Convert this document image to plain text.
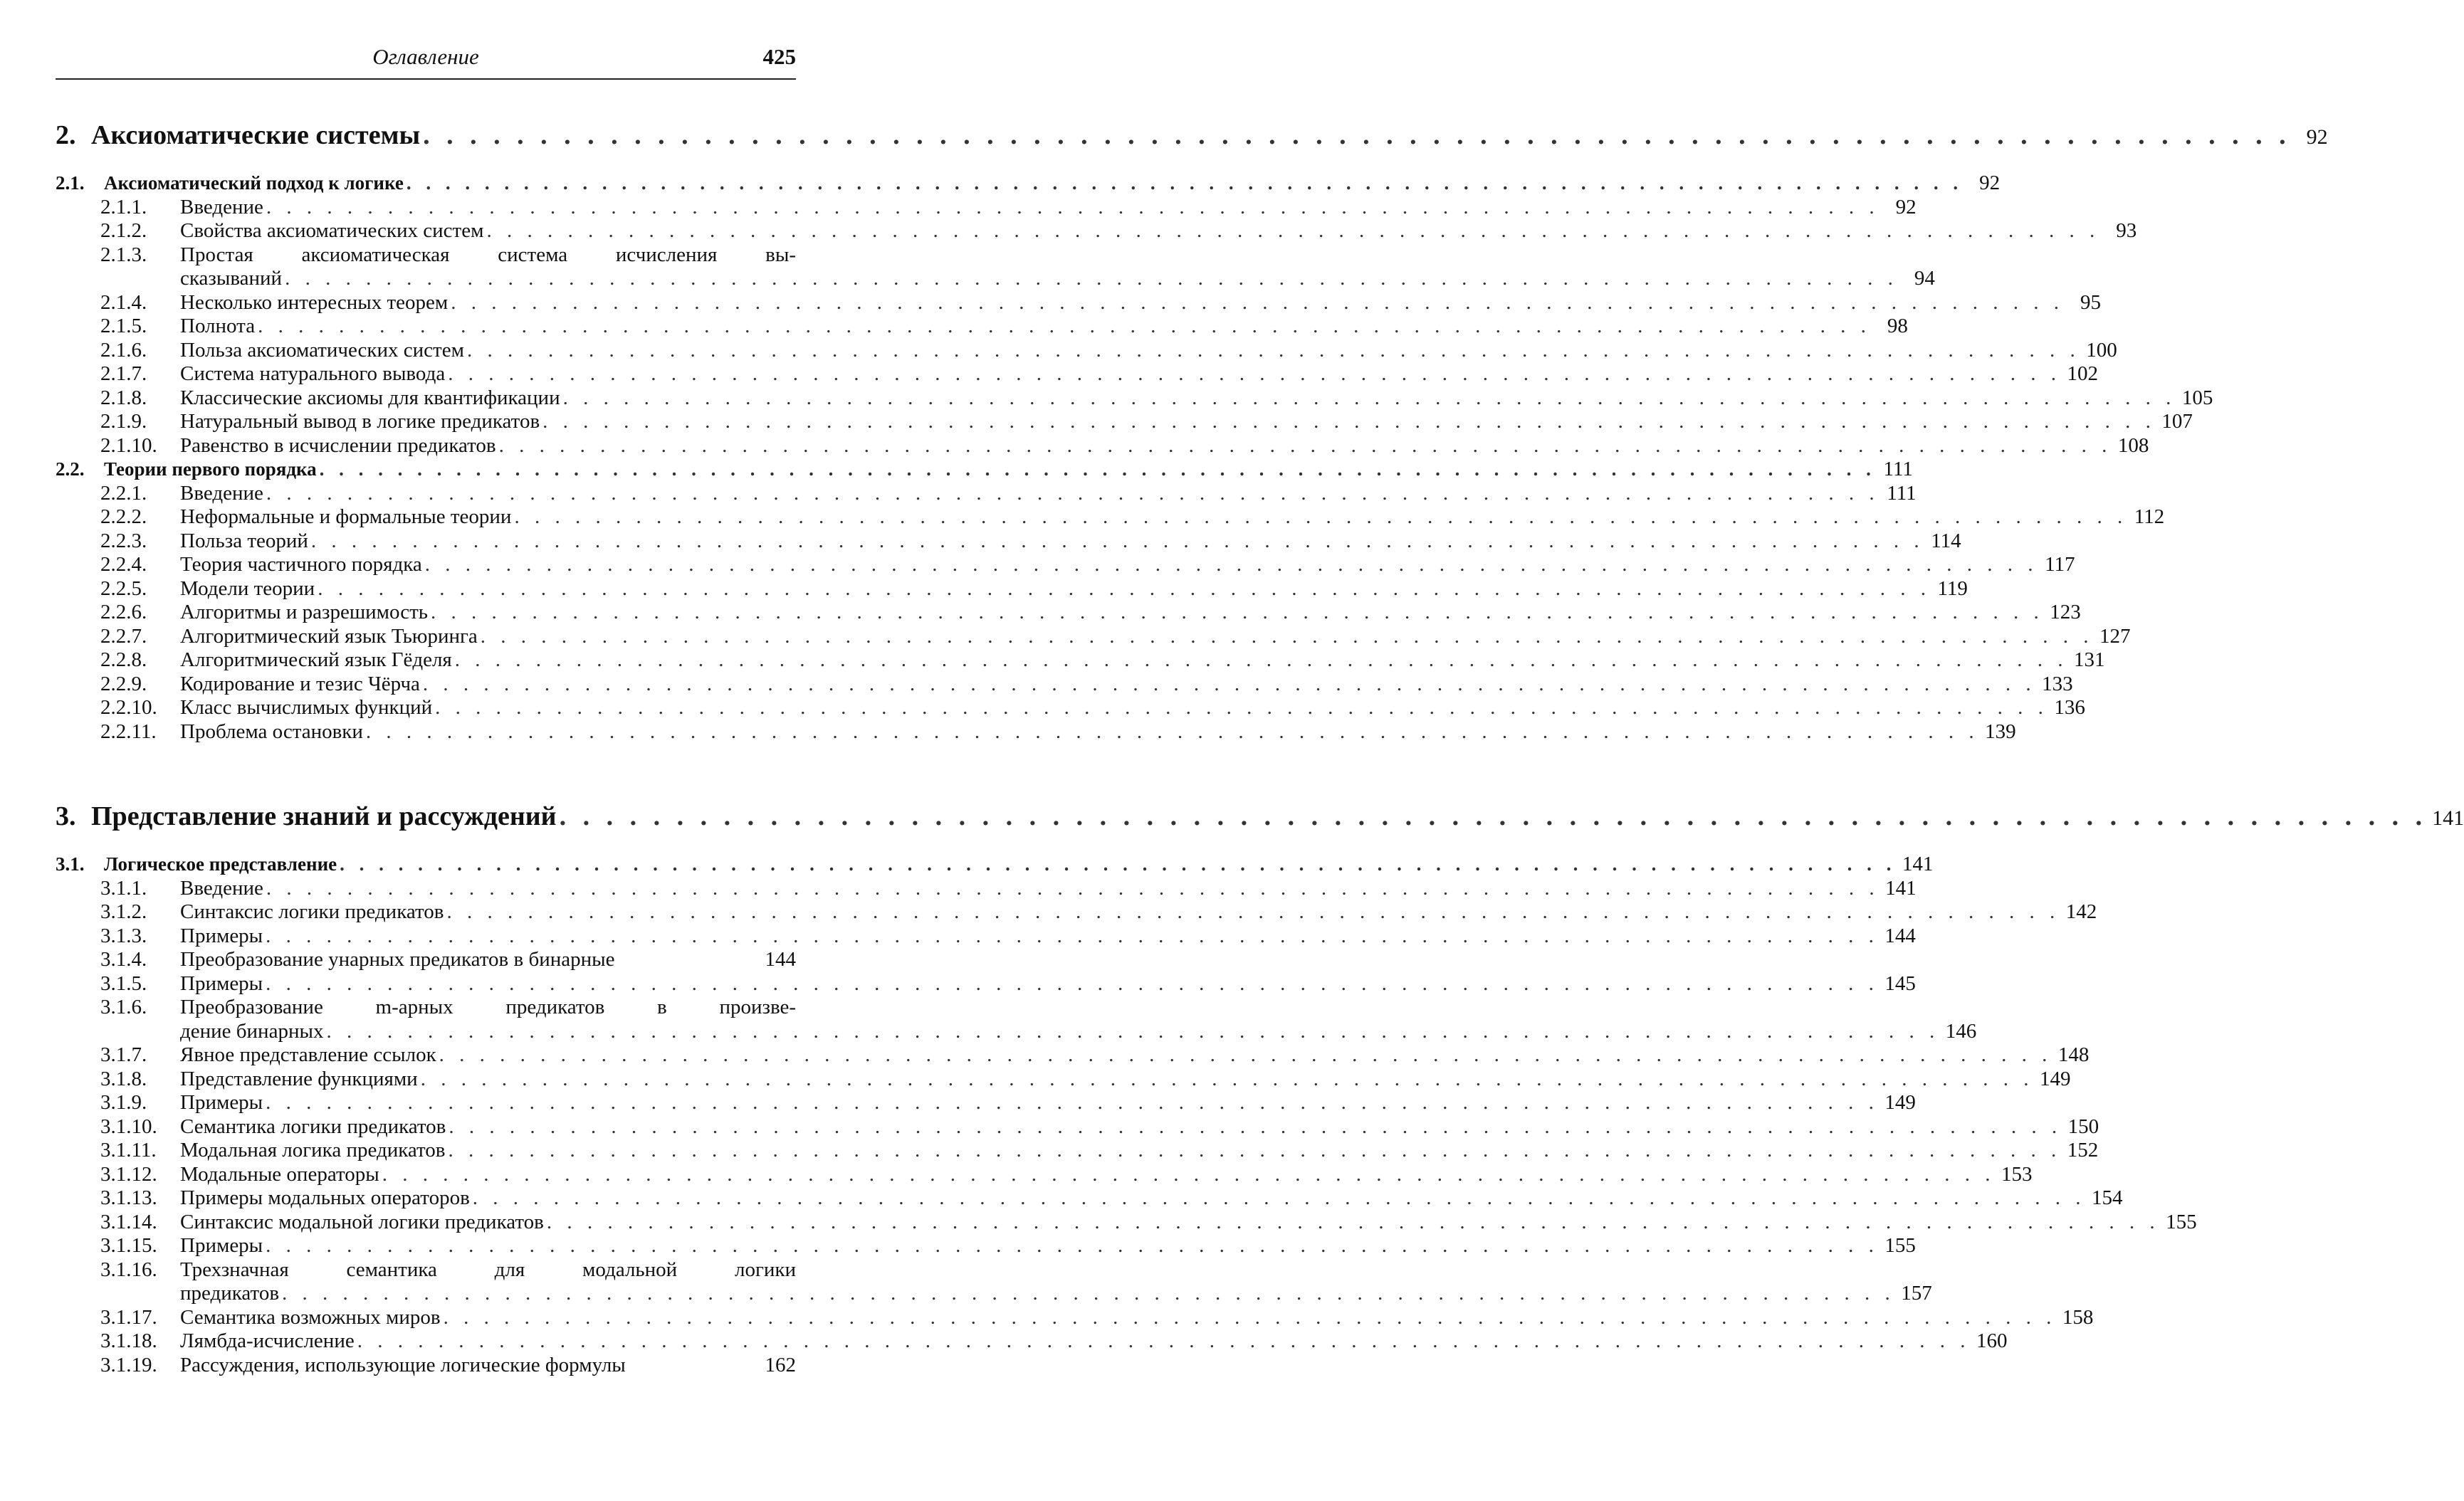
Оглавление	425
2. Аксиоматические системы . . . . . . . . . . . . . . . . . . . . . . . . . . . . . . . . . . . . . . . . . . . . . . . . . . . . . . . . . . . . . . . . . . . . . . . . . . . . . . . . 92
2.1.	Аксиоматический подход к логике . . . . . . . . . . . . . . . . . . . . . . . . . . . . . . . . . . . . . . . . . . . . . . . . . . . . . . . . . . . . . . . . . . . . . . . . . . . . . . . . 92
2.1.1.	Введение . . . . . . . . . . . . . . . . . . . . . . . . . . . . . . . . . . . . . . . . . . . . . . . . . . . . . . . . . . . . . . . . . . . . . . . . . . . . . . . . 92
2.1.2.	Свойства аксиоматических систем . . . . . . . . . . . . . . . . . . . . . . . . . . . . . . . . . . . . . . . . . . . . . . . . . . . . . . . . . . . . . . . . . . . . . . . . . . . . . . . . 93
2.1.3.	Простая аксиоматическая система исчисления вы-
сказываний . . . . . . . . . . . . . . . . . . . . . . . . . . . . . . . . . . . . . . . . . . . . . . . . . . . . . . . . . . . . . . . . . . . . . . . . . . . . . . . . 94
2.1.4.	Несколько интересных теорем . . . . . . . . . . . . . . . . . . . . . . . . . . . . . . . . . . . . . . . . . . . . . . . . . . . . . . . . . . . . . . . . . . . . . . . . . . . . . . . . 95
2.1.5.	Полнота . . . . . . . . . . . . . . . . . . . . . . . . . . . . . . . . . . . . . . . . . . . . . . . . . . . . . . . . . . . . . . . . . . . . . . . . . . . . . . . . 98
2.1.6.	Польза аксиоматических систем . . . . . . . . . . . . . . . . . . . . . . . . . . . . . . . . . . . . . . . . . . . . . . . . . . . . . . . . . . . . . . . . . . . . . . . . . . . . . . . . 100
2.1.7.	Система натурального вывода . . . . . . . . . . . . . . . . . . . . . . . . . . . . . . . . . . . . . . . . . . . . . . . . . . . . . . . . . . . . . . . . . . . . . . . . . . . . . . . . 102
2.1.8.	Классические аксиомы для квантификации . . . . . . . . . . . . . . . . . . . . . . . . . . . . . . . . . . . . . . . . . . . . . . . . . . . . . . . . . . . . . . . . . . . . . . . . . . . . . . . . 105
2.1.9.	Натуральный вывод в логике предикатов . . . . . . . . . . . . . . . . . . . . . . . . . . . . . . . . . . . . . . . . . . . . . . . . . . . . . . . . . . . . . . . . . . . . . . . . . . . . . . . . 107
2.1.10.	Равенство в исчислении предикатов . . . . . . . . . . . . . . . . . . . . . . . . . . . . . . . . . . . . . . . . . . . . . . . . . . . . . . . . . . . . . . . . . . . . . . . . . . . . . . . . 108
2.2.	Теории первого порядка . . . . . . . . . . . . . . . . . . . . . . . . . . . . . . . . . . . . . . . . . . . . . . . . . . . . . . . . . . . . . . . . . . . . . . . . . . . . . . . . 111
2.2.1.	Введение . . . . . . . . . . . . . . . . . . . . . . . . . . . . . . . . . . . . . . . . . . . . . . . . . . . . . . . . . . . . . . . . . . . . . . . . . . . . . . . . 111
2.2.2.	Неформальные и формальные теории . . . . . . . . . . . . . . . . . . . . . . . . . . . . . . . . . . . . . . . . . . . . . . . . . . . . . . . . . . . . . . . . . . . . . . . . . . . . . . . . 112
2.2.3.	Польза теорий . . . . . . . . . . . . . . . . . . . . . . . . . . . . . . . . . . . . . . . . . . . . . . . . . . . . . . . . . . . . . . . . . . . . . . . . . . . . . . . . 114
2.2.4.	Теория частичного порядка . . . . . . . . . . . . . . . . . . . . . . . . . . . . . . . . . . . . . . . . . . . . . . . . . . . . . . . . . . . . . . . . . . . . . . . . . . . . . . . . 117
2.2.5.	Модели теории . . . . . . . . . . . . . . . . . . . . . . . . . . . . . . . . . . . . . . . . . . . . . . . . . . . . . . . . . . . . . . . . . . . . . . . . . . . . . . . . 119
2.2.6.	Алгоритмы и разрешимость . . . . . . . . . . . . . . . . . . . . . . . . . . . . . . . . . . . . . . . . . . . . . . . . . . . . . . . . . . . . . . . . . . . . . . . . . . . . . . . . 123
2.2.7.	Алгоритмический язык Тьюринга . . . . . . . . . . . . . . . . . . . . . . . . . . . . . . . . . . . . . . . . . . . . . . . . . . . . . . . . . . . . . . . . . . . . . . . . . . . . . . . . 127
2.2.8.	Алгоритмический язык Гёделя . . . . . . . . . . . . . . . . . . . . . . . . . . . . . . . . . . . . . . . . . . . . . . . . . . . . . . . . . . . . . . . . . . . . . . . . . . . . . . . . 131
2.2.9.	Кодирование и тезис Чёрча . . . . . . . . . . . . . . . . . . . . . . . . . . . . . . . . . . . . . . . . . . . . . . . . . . . . . . . . . . . . . . . . . . . . . . . . . . . . . . . . 133
2.2.10.	Класс вычислимых функций . . . . . . . . . . . . . . . . . . . . . . . . . . . . . . . . . . . . . . . . . . . . . . . . . . . . . . . . . . . . . . . . . . . . . . . . . . . . . . . . 136
2.2.11.	Проблема остановки . . . . . . . . . . . . . . . . . . . . . . . . . . . . . . . . . . . . . . . . . . . . . . . . . . . . . . . . . . . . . . . . . . . . . . . . . . . . . . . . 139
3. Представление знаний и рассуждений . . . . . . . . . . . . . . . . . . . . . . . . . . . . . . . . . . . . . . . . . . . . . . . . . . . . . . . . . . . . . . . . . . . . . . . . . . . . . . . . 141
3.1.	Логическое представление . . . . . . . . . . . . . . . . . . . . . . . . . . . . . . . . . . . . . . . . . . . . . . . . . . . . . . . . . . . . . . . . . . . . . . . . . . . . . . . . 141
3.1.1.	Введение . . . . . . . . . . . . . . . . . . . . . . . . . . . . . . . . . . . . . . . . . . . . . . . . . . . . . . . . . . . . . . . . . . . . . . . . . . . . . . . . 141
3.1.2.	Синтаксис логики предикатов . . . . . . . . . . . . . . . . . . . . . . . . . . . . . . . . . . . . . . . . . . . . . . . . . . . . . . . . . . . . . . . . . . . . . . . . . . . . . . . . 142
3.1.3.	Примеры . . . . . . . . . . . . . . . . . . . . . . . . . . . . . . . . . . . . . . . . . . . . . . . . . . . . . . . . . . . . . . . . . . . . . . . . . . . . . . . . 144
3.1.4.	Преобразование унарных предикатов в бинарные	144
3.1.5.	Примеры . . . . . . . . . . . . . . . . . . . . . . . . . . . . . . . . . . . . . . . . . . . . . . . . . . . . . . . . . . . . . . . . . . . . . . . . . . . . . . . . 145
3.1.6.	Преобразование m-арных предикатов в произве-
дение бинарных . . . . . . . . . . . . . . . . . . . . . . . . . . . . . . . . . . . . . . . . . . . . . . . . . . . . . . . . . . . . . . . . . . . . . . . . . . . . . . . . 146
3.1.7.	Явное представление ссылок . . . . . . . . . . . . . . . . . . . . . . . . . . . . . . . . . . . . . . . . . . . . . . . . . . . . . . . . . . . . . . . . . . . . . . . . . . . . . . . . 148
3.1.8.	Представление функциями . . . . . . . . . . . . . . . . . . . . . . . . . . . . . . . . . . . . . . . . . . . . . . . . . . . . . . . . . . . . . . . . . . . . . . . . . . . . . . . . 149
3.1.9.	Примеры . . . . . . . . . . . . . . . . . . . . . . . . . . . . . . . . . . . . . . . . . . . . . . . . . . . . . . . . . . . . . . . . . . . . . . . . . . . . . . . . 149
3.1.10.	Семантика логики предикатов . . . . . . . . . . . . . . . . . . . . . . . . . . . . . . . . . . . . . . . . . . . . . . . . . . . . . . . . . . . . . . . . . . . . . . . . . . . . . . . . 150
3.1.11.	Модальная логика предикатов . . . . . . . . . . . . . . . . . . . . . . . . . . . . . . . . . . . . . . . . . . . . . . . . . . . . . . . . . . . . . . . . . . . . . . . . . . . . . . . . 152
3.1.12.	Модальные операторы . . . . . . . . . . . . . . . . . . . . . . . . . . . . . . . . . . . . . . . . . . . . . . . . . . . . . . . . . . . . . . . . . . . . . . . . . . . . . . . . 153
3.1.13.	Примеры модальных операторов . . . . . . . . . . . . . . . . . . . . . . . . . . . . . . . . . . . . . . . . . . . . . . . . . . . . . . . . . . . . . . . . . . . . . . . . . . . . . . . . 154
3.1.14.	Синтаксис модальной логики предикатов . . . . . . . . . . . . . . . . . . . . . . . . . . . . . . . . . . . . . . . . . . . . . . . . . . . . . . . . . . . . . . . . . . . . . . . . . . . . . . . . 155
3.1.15.	Примеры . . . . . . . . . . . . . . . . . . . . . . . . . . . . . . . . . . . . . . . . . . . . . . . . . . . . . . . . . . . . . . . . . . . . . . . . . . . . . . . . 155
3.1.16.	Трехзначная семантика для модальной логики
предикатов . . . . . . . . . . . . . . . . . . . . . . . . . . . . . . . . . . . . . . . . . . . . . . . . . . . . . . . . . . . . . . . . . . . . . . . . . . . . . . . . 157
3.1.17.	Семантика возможных миров . . . . . . . . . . . . . . . . . . . . . . . . . . . . . . . . . . . . . . . . . . . . . . . . . . . . . . . . . . . . . . . . . . . . . . . . . . . . . . . . 158
3.1.18.	Лямбда-исчисление . . . . . . . . . . . . . . . . . . . . . . . . . . . . . . . . . . . . . . . . . . . . . . . . . . . . . . . . . . . . . . . . . . . . . . . . . . . . . . . . 160
3.1.19.	Рассуждения, использующие логические формулы	162
